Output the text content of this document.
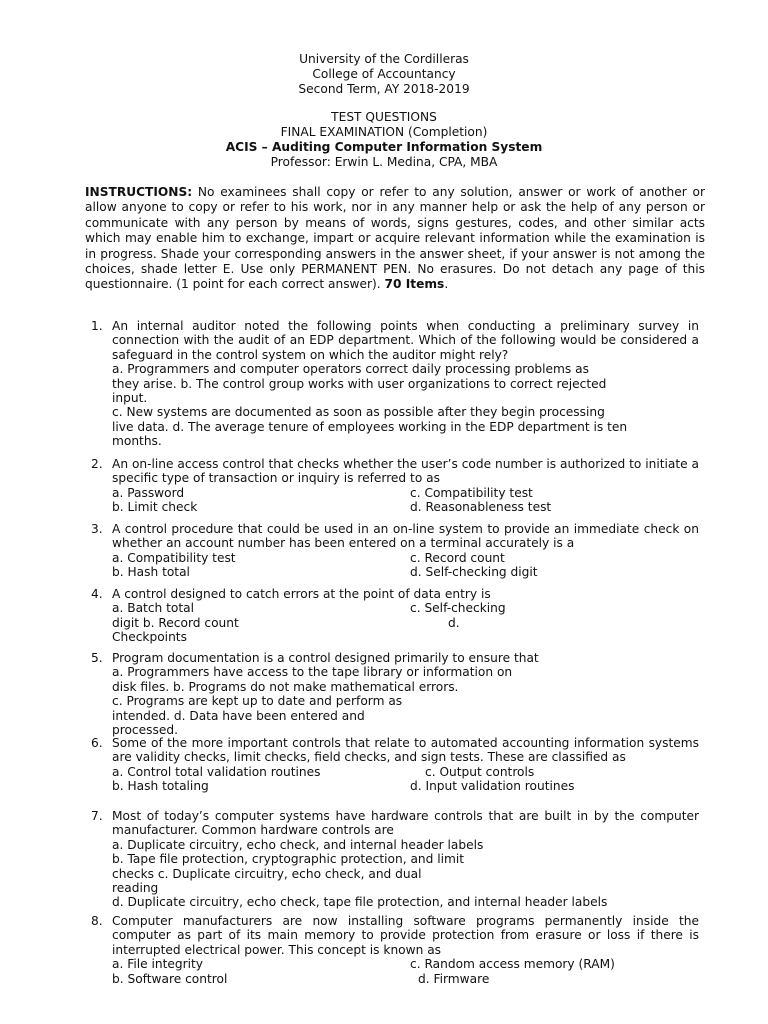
University of the Cordilleras
College of Accountancy
Second Term, AY 2018-2019
TEST QUESTIONS
FINAL EXAMINATION (Completion)
ACIS – Auditing Computer Information System
Professor: Erwin L. Medina, CPA, MBA
INSTRUCTIONS: No examinees shall copy or refer to any solution, answer or work of another or allow anyone to copy or refer to his work, nor in any manner help or ask the help of any person or communicate with any person by means of words, signs gestures, codes, and other similar acts which may enable him to exchange, impart or acquire relevant information while the examination is in progress. Shade your corresponding answers in the answer sheet, if your answer is not among the choices, shade letter E. Use only PERMANENT PEN. No erasures. Do not detach any page of this questionnaire. (1 point for each correct answer). 70 Items.
1. An internal auditor noted the following points when conducting a preliminary survey in connection with the audit of an EDP department. Which of the following would be considered a safeguard in the control system on which the auditor might rely?
a. Programmers and computer operators correct daily processing problems as
they arise. b. The control group works with user organizations to correct rejected
input.
c. New systems are documented as soon as possible after they begin processing
live data. d. The average tenure of employees working in the EDP department is ten
months.
2. An on-line access control that checks whether the user’s code number is authorized to initiate a specific type of transaction or inquiry is referred to as
a. Password	c. Compatibility test
b. Limit check	d. Reasonableness test
3. A control procedure that could be used in an on-line system to provide an immediate check on whether an account number has been entered on a terminal accurately is a
a. Compatibility test	c. Record count
b. Hash total	d. Self-checking digit
4. A control designed to catch errors at the point of data entry is
a. Batch total	c. Self-checking
digit b. Record count	d.
Checkpoints
5. Program documentation is a control designed primarily to ensure that
a. Programmers have access to the tape library or information on
disk files. b. Programs do not make mathematical errors.
c. Programs are kept up to date and perform as
intended. d. Data have been entered and
processed.
6. Some of the more important controls that relate to automated accounting information systems are validity checks, limit checks, field checks, and sign tests. These are classified as
a. Control total validation routines	c. Output controls
b. Hash totaling	d. Input validation routines
7. Most of today’s computer systems have hardware controls that are built in by the computer manufacturer. Common hardware controls are
a. Duplicate circuitry, echo check, and internal header labels
b. Tape file protection, cryptographic protection, and limit
checks c. Duplicate circuitry, echo check, and dual
reading
d. Duplicate circuitry, echo check, tape file protection, and internal header labels
8. Computer manufacturers are now installing software programs permanently inside the computer as part of its main memory to provide protection from erasure or loss if there is interrupted electrical power. This concept is known as
a. File integrity	c. Random access memory (RAM)
b. Software control	d. Firmware
